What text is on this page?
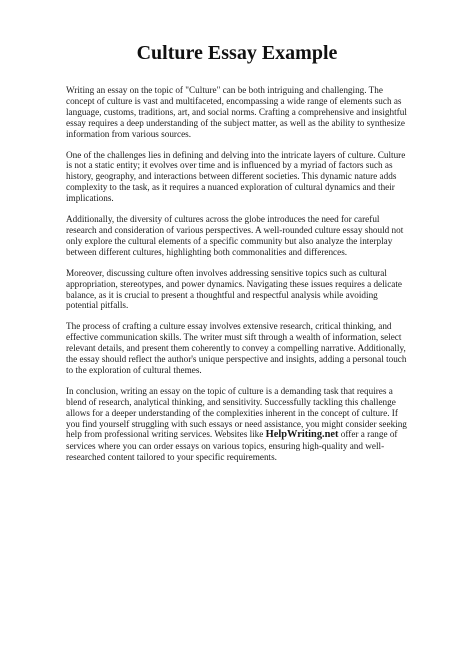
Culture Essay Example

Writing an essay on the topic of "Culture" can be both intriguing and challenging. The concept of culture is vast and multifaceted, encompassing a wide range of elements such as language, customs, traditions, art, and social norms. Crafting a comprehensive and insightful essay requires a deep understanding of the subject matter, as well as the ability to synthesize information from various sources.

One of the challenges lies in defining and delving into the intricate layers of culture. Culture is not a static entity; it evolves over time and is influenced by a myriad of factors such as history, geography, and interactions between different societies. This dynamic nature adds complexity to the task, as it requires a nuanced exploration of cultural dynamics and their implications.

Additionally, the diversity of cultures across the globe introduces the need for careful research and consideration of various perspectives. A well-rounded culture essay should not only explore the cultural elements of a specific community but also analyze the interplay between different cultures, highlighting both commonalities and differences.

Moreover, discussing culture often involves addressing sensitive topics such as cultural appropriation, stereotypes, and power dynamics. Navigating these issues requires a delicate balance, as it is crucial to present a thoughtful and respectful analysis while avoiding potential pitfalls.

The process of crafting a culture essay involves extensive research, critical thinking, and effective communication skills. The writer must sift through a wealth of information, select relevant details, and present them coherently to convey a compelling narrative. Additionally, the essay should reflect the author's unique perspective and insights, adding a personal touch to the exploration of cultural themes.

In conclusion, writing an essay on the topic of culture is a demanding task that requires a blend of research, analytical thinking, and sensitivity. Successfully tackling this challenge allows for a deeper understanding of the complexities inherent in the concept of culture. If you find yourself struggling with such essays or need assistance, you might consider seeking help from professional writing services. Websites like HelpWriting.net offer a range of services where you can order essays on various topics, ensuring high-quality and well-researched content tailored to your specific requirements.
